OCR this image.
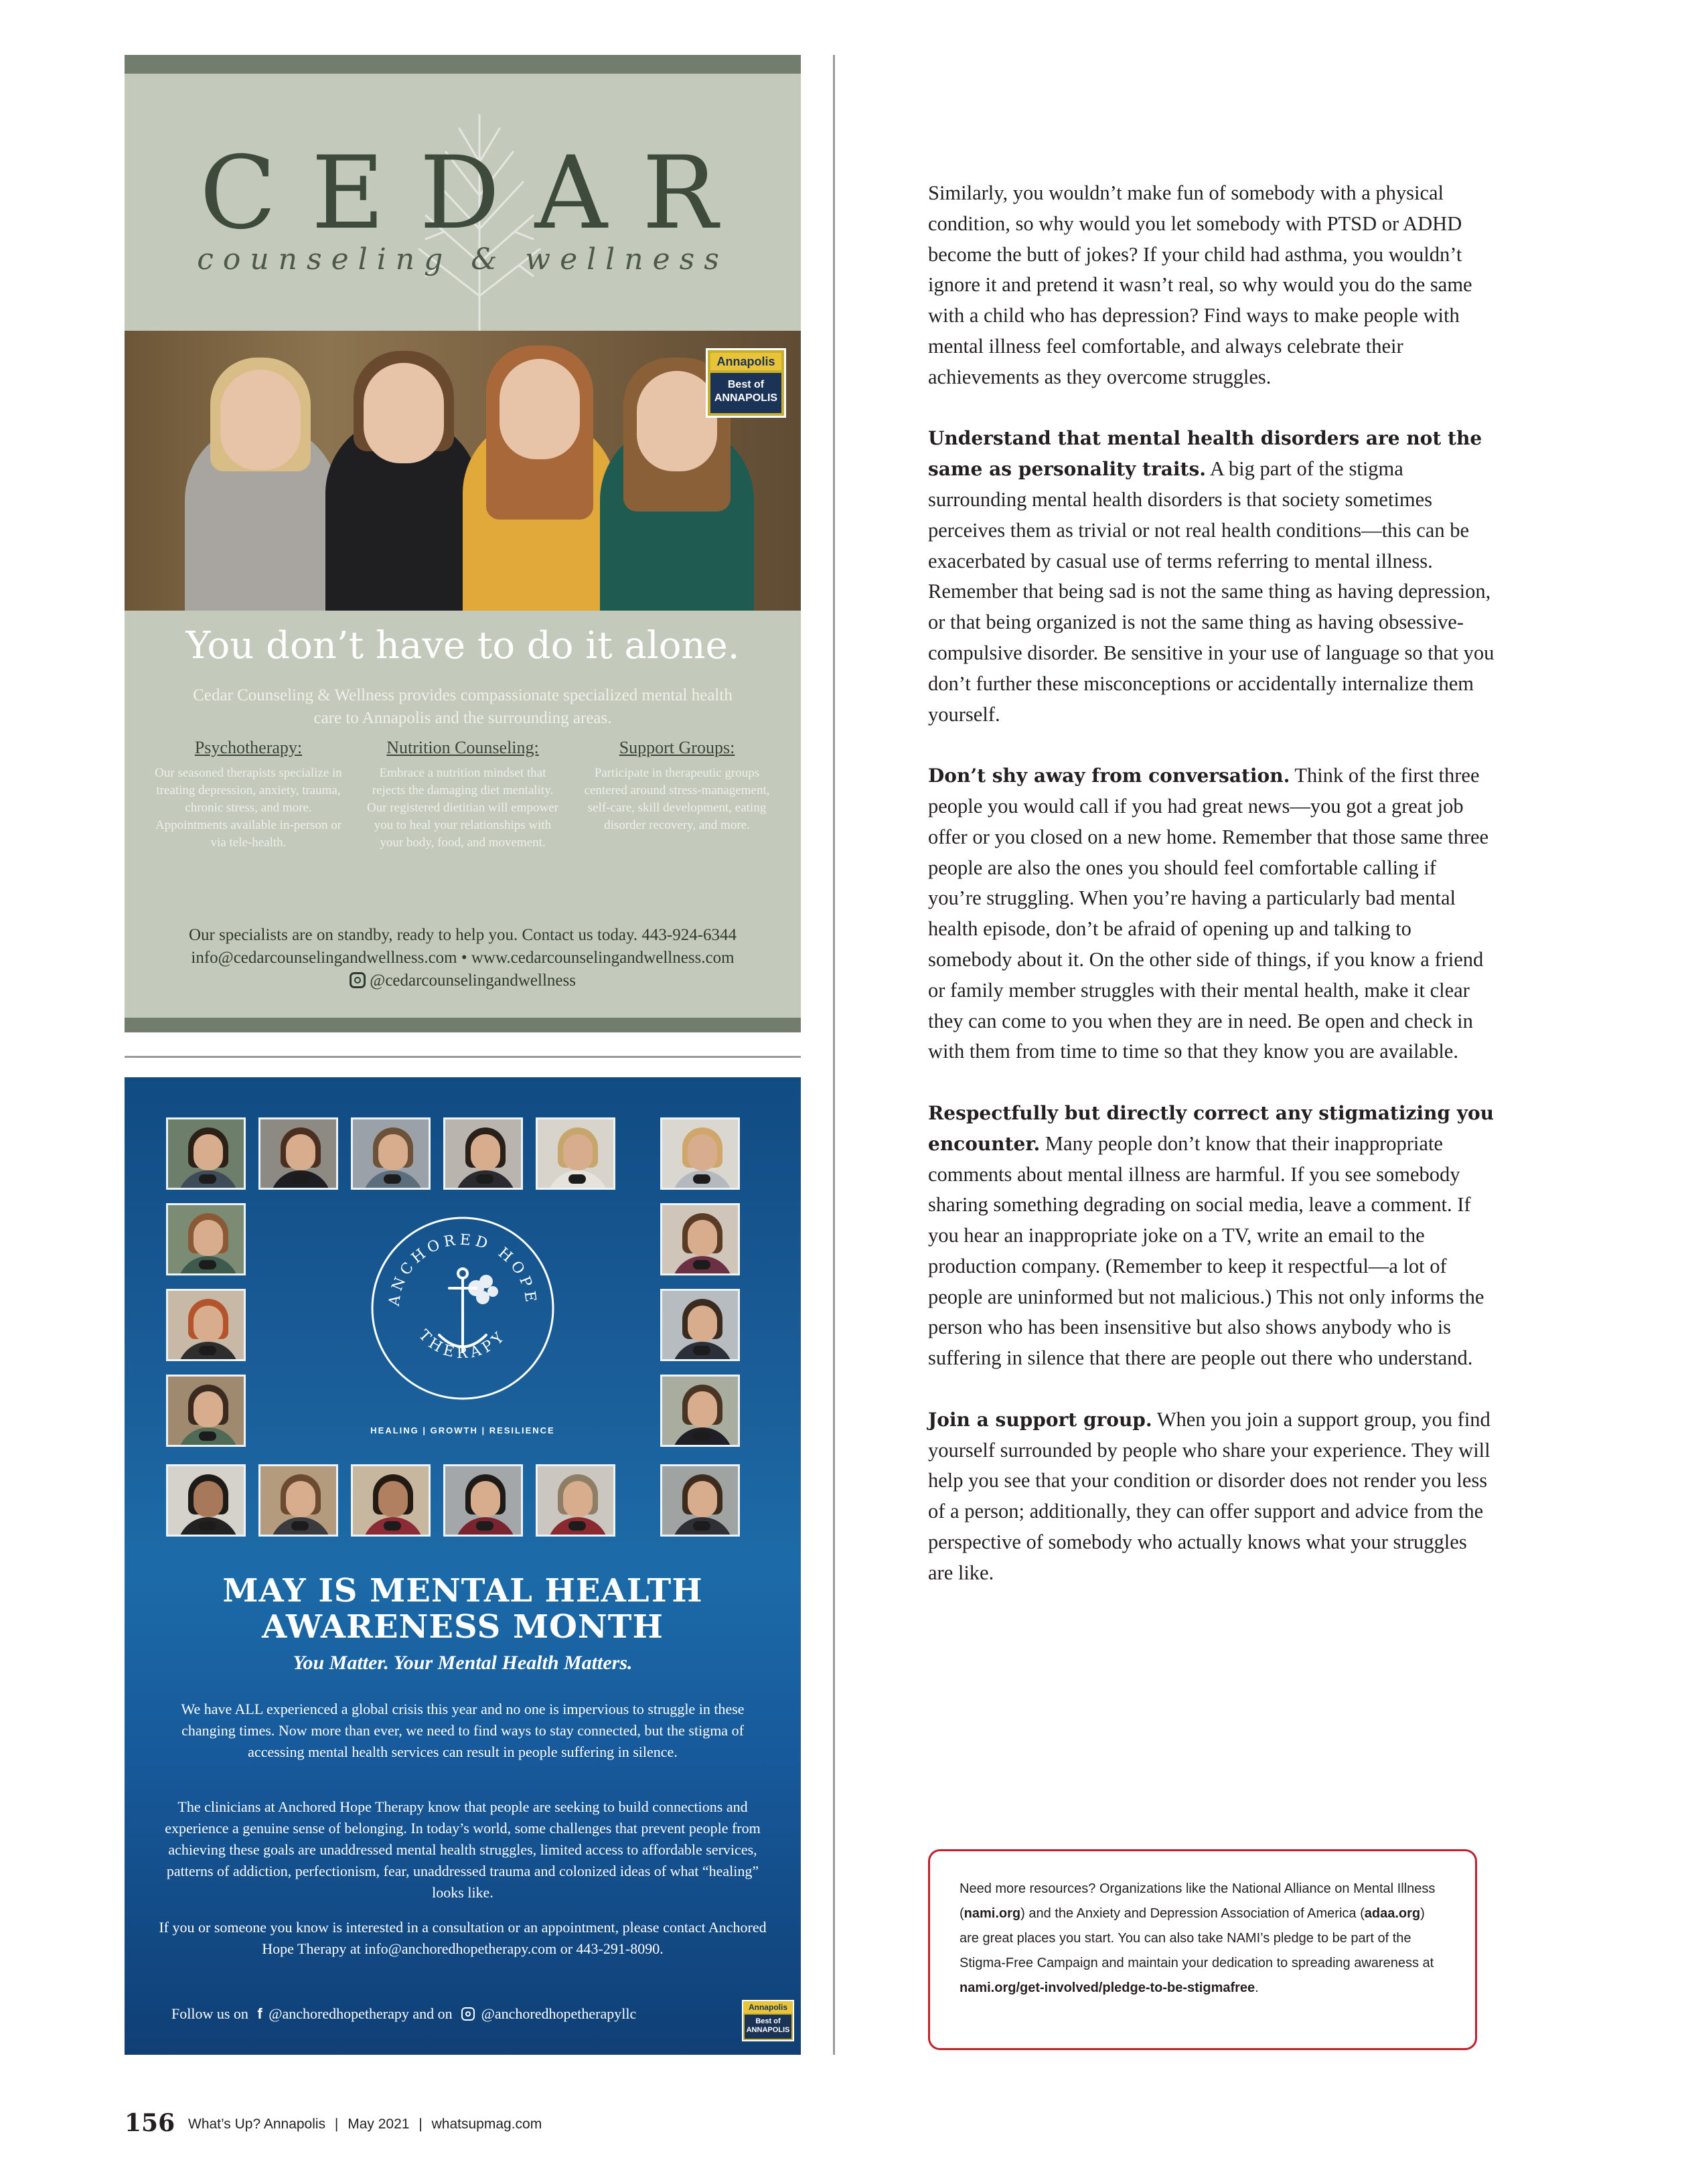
CEDAR
counseling & wellness
Annapolis
Best of ANNAPOLIS
You don’t have to do it alone.
Cedar Counseling & Wellness provides compassionate specialized mental health care to Annapolis and the surrounding areas.
Psychotherapy:

Our seasoned therapists specialize in treating depression, anxiety, trauma, chronic stress, and more. Appointments available in-person or via tele-health.

Nutrition Counseling:

Embrace a nutrition mindset that rejects the damaging diet mentality. Our registered dietitian will empower you to heal your relationships with your body, food, and movement.

Support Groups:

Participate in therapeutic groups centered around stress-management, self-care, skill development, eating disorder recovery, and more.

Our specialists are on standby, ready to help you. Contact us today. 443-924-6344
info@cedarcounselingandwellness.com • www.cedarcounselingandwellness.com
@cedarcounselingandwellness
ANCHORED HOPE
THERAPY
HEALING | GROWTH | RESILIENCE
MAY IS MENTAL HEALTH
AWARENESS MONTH
You Matter. Your Mental Health Matters.
We have ALL experienced a global crisis this year and no one is impervious to struggle in these changing times. Now more than ever, we need to find ways to stay connected, but the stigma of accessing mental health services can result in people suffering in silence.
The clinicians at Anchored Hope Therapy know that people are seeking to build connections and experience a genuine sense of belonging. In today’s world, some challenges that prevent people from achieving these goals are unaddressed mental health struggles, limited access to affordable services, patterns of addiction, perfectionism, fear, unaddressed trauma and colonized ideas of what “healing” looks like.
If you or someone you know is interested in a consultation or an appointment, please contact Anchored Hope Therapy at info@anchoredhopetherapy.com or 443-291-8090.
Follow us on f @anchoredhopetherapy and on @anchoredhopetherapyllc	Annapolis
Best of ANNAPOLIS

Similarly, you wouldn’t make fun of somebody with a physical condition, so why would you let somebody with PTSD or ADHD become the butt of jokes? If your child had asthma, you wouldn’t ignore it and pretend it wasn’t real, so why would you do the same with a child who has depression? Find ways to make people with mental illness feel comfortable, and always celebrate their achievements as they overcome struggles.

Understand that mental health disorders are not the same as personality traits. A big part of the stigma surrounding mental health disorders is that society sometimes perceives them as trivial or not real health conditions—this can be exacerbated by casual use of terms referring to mental illness. Remember that being sad is not the same thing as having depression, or that being organized is not the same thing as having obsessive-compulsive disorder. Be sensitive in your use of language so that you don’t further these misconceptions or accidentally internalize them yourself.

Don’t shy away from conversation. Think of the first three people you would call if you had great news—you got a great job offer or you closed on a new home. Remember that those same three people are also the ones you should feel comfortable calling if you’re struggling. When you’re having a particularly bad mental health episode, don’t be afraid of opening up and talking to somebody about it. On the other side of things, if you know a friend or family member struggles with their mental health, make it clear they can come to you when they are in need. Be open and check in with them from time to time so that they know you are available.

Respectfully but directly correct any stigmatizing you encounter. Many people don’t know that their inappropriate comments about mental illness are harmful. If you see somebody sharing something degrading on social media, leave a comment. If you hear an inappropriate joke on a TV, write an email to the production company. (Remember to keep it respectful—a lot of people are uninformed but not malicious.) This not only informs the person who has been insensitive but also shows anybody who is suffering in silence that there are people out there who understand.

Join a support group. When you join a support group, you find yourself surrounded by people who share your experience. They will help you see that your condition or disorder does not render you less of a person; additionally, they can offer support and advice from the perspective of somebody who actually knows what your struggles are like.

Need more resources? Organizations like the National Alliance on Mental Illness (nami.org) and the Anxiety and Depression Association of America (adaa.org) are great places you start. You can also take NAMI’s pledge to be part of the Stigma-Free Campaign and maintain your dedication to spreading awareness at nami.org/get-involved/pledge-to-be-stigmafree.
156 What’s Up? Annapolis | May 2021 | whatsupmag.com
